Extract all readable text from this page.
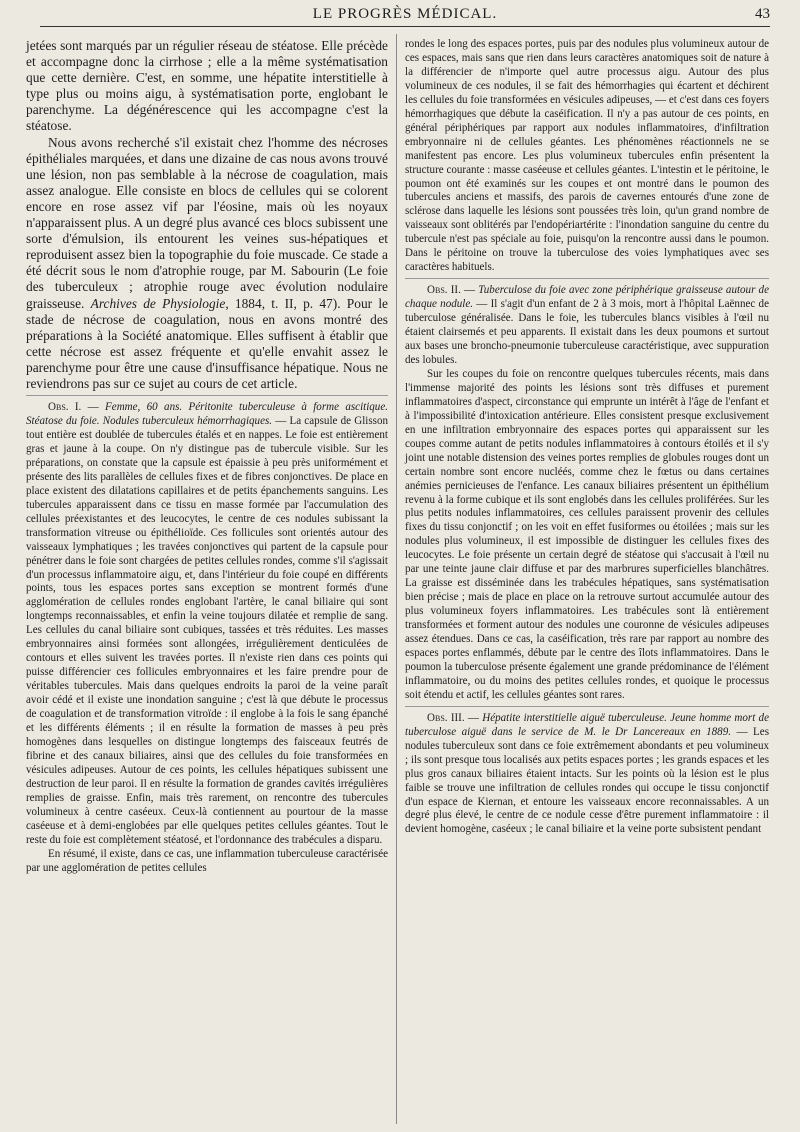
LE PROGRÈS MÉDICAL.	43

jetées sont marqués par un régulier réseau de stéatose. Elle précède et accompagne donc la cirrhose ; elle a la même systématisation que cette dernière. C'est, en somme, une hépatite interstitielle à type plus ou moins aigu, à systématisation porte, englobant le parenchyme. La dégénérescence qui les accompagne c'est la stéatose.

Nous avons recherché s'il existait chez l'homme des nécroses épithéliales marquées, et dans une dizaine de cas nous avons trouvé une lésion, non pas semblable à la nécrose de coagulation, mais assez analogue. Elle consiste en blocs de cellules qui se colorent encore en rose assez vif par l'éosine, mais où les noyaux n'apparaissent plus. A un degré plus avancé ces blocs subissent une sorte d'émulsion, ils entourent les veines sus-hépatiques et reproduisent assez bien la topographie du foie muscade. Ce stade a été décrit sous le nom d'atrophie rouge, par M. Sabourin (Le foie des tuberculeux ; atrophie rouge avec évolution nodulaire graisseuse. Archives de Physiologie, 1884, t. II, p. 47). Pour le stade de nécrose de coagulation, nous en avons montré des préparations à la Société anatomique. Elles suffisent à établir que cette nécrose est assez fréquente et qu'elle envahit assez le parenchyme pour être une cause d'insuffisance hépatique. Nous ne reviendrons pas sur ce sujet au cours de cet article.

Obs. I. — Femme, 60 ans. Péritonite tuberculeuse à forme ascitique. Stéatose du foie. Nodules tuberculeux hémorrhagiques. — La capsule de Glisson tout entière est doublée de tubercules étalés et en nappes. Le foie est entièrement gras et jaune à la coupe. On n'y distingue pas de tubercule visible. Sur les préparations, on constate que la capsule est épaissie à peu près uniformément et présente des lits parallèles de cellules fixes et de fibres conjonctives. De place en place existent des dilatations capillaires et de petits épanchements sanguins. Les tubercules apparaissent dans ce tissu en masse formée par l'accumulation des cellules préexistantes et des leucocytes, le centre de ces nodules subissant la transformation vitreuse ou épithélioïde. Ces follicules sont orientés autour des vaisseaux lymphatiques ; les travées conjonctives qui partent de la capsule pour pénétrer dans le foie sont chargées de petites cellules rondes, comme s'il s'agissait d'un processus inflammatoire aigu, et, dans l'intérieur du foie coupé en différents points, tous les espaces portes sans exception se montrent formés d'une agglomération de cellules rondes englobant l'artère, le canal biliaire qui sont longtemps reconnaissables, et enfin la veine toujours dilatée et remplie de sang. Les cellules du canal biliaire sont cubiques, tassées et très réduites. Les masses embryonnaires ainsi formées sont allongées, irrégulièrement denticulées de contours et elles suivent les travées portes. Il n'existe rien dans ces points qui puisse différencier ces follicules embryonnaires et les faire prendre pour de véritables tubercules. Mais dans quelques endroits la paroi de la veine paraît avoir cédé et il existe une inondation sanguine ; c'est là que débute le processus de coagulation et de transformation vitroïde : il englobe à la fois le sang épanché et les différents éléments ; il en résulte la formation de masses à peu près homogènes dans lesquelles on distingue longtemps des faisceaux feutrés de fibrine et des canaux biliaires, ainsi que des cellules du foie transformées en vésicules adipeuses. Autour de ces points, les cellules hépatiques subissent une destruction de leur paroi. Il en résulte la formation de grandes cavités irrégulières remplies de graisse. Enfin, mais très rarement, on rencontre des tubercules volumineux à centre caséeux. Ceux-là contiennent au pourtour de la masse caséeuse et à demi-englobées par elle quelques petites cellules géantes. Tout le reste du foie est complètement stéatosé, et l'ordonnance des trabécules a disparu.

En résumé, il existe, dans ce cas, une inflammation tuberculeuse caractérisée par une agglomération de petites cellules

rondes le long des espaces portes, puis par des nodules plus volumineux autour de ces espaces, mais sans que rien dans leurs caractères anatomiques soit de nature à la différencier de n'importe quel autre processus aigu. Autour des plus volumineux de ces nodules, il se fait des hémorrhagies qui écartent et déchirent les cellules du foie transformées en vésicules adipeuses, — et c'est dans ces foyers hémorrhagiques que débute la caséification. Il n'y a pas autour de ces points, en général périphériques par rapport aux nodules inflammatoires, d'infiltration embryonnaire ni de cellules géantes. Les phénomènes réactionnels ne se manifestent pas encore. Les plus volumineux tubercules enfin présentent la structure courante : masse caséeuse et cellules géantes. L'intestin et le péritoine, le poumon ont été examinés sur les coupes et ont montré dans le poumon des tubercules anciens et massifs, des parois de cavernes entourés d'une zone de sclérose dans laquelle les lésions sont poussées très loin, qu'un grand nombre de vaisseaux sont oblitérés par l'endopériartérite : l'inondation sanguine du centre du tubercule n'est pas spéciale au foie, puisqu'on la rencontre aussi dans le poumon. Dans le péritoine on trouve la tuberculose des voies lymphatiques avec ses caractères habituels.

Obs. II. — Tuberculose du foie avec zone périphérique graisseuse autour de chaque nodule. — Il s'agit d'un enfant de 2 à 3 mois, mort à l'hôpital Laënnec de tuberculose généralisée. Dans le foie, les tubercules blancs visibles à l'œil nu étaient clairsemés et peu apparents. Il existait dans les deux poumons et surtout aux bases une broncho-pneumonie tuberculeuse caractéristique, avec suppuration des lobules.

Sur les coupes du foie on rencontre quelques tubercules récents, mais dans l'immense majorité des points les lésions sont très diffuses et purement inflammatoires d'aspect, circonstance qui emprunte un intérêt à l'âge de l'enfant et à l'impossibilité d'intoxication antérieure. Elles consistent presque exclusivement en une infiltration embryonnaire des espaces portes qui apparaissent sur les coupes comme autant de petits nodules inflammatoires à contours étoilés et il s'y joint une notable distension des veines portes remplies de globules rouges dont un certain nombre sont encore nucléés, comme chez le fœtus ou dans certaines anémies pernicieuses de l'enfance. Les canaux biliaires présentent un épithélium revenu à la forme cubique et ils sont englobés dans les cellules proliférées. Sur les plus petits nodules inflammatoires, ces cellules paraissent provenir des cellules fixes du tissu conjonctif ; on les voit en effet fusiformes ou étoilées ; mais sur les nodules plus volumineux, il est impossible de distinguer les cellules fixes des leucocytes. Le foie présente un certain degré de stéatose qui s'accusait à l'œil nu par une teinte jaune clair diffuse et par des marbrures superficielles blanchâtres. La graisse est disséminée dans les trabécules hépatiques, sans systématisation bien précise ; mais de place en place on la retrouve surtout accumulée autour des plus volumineux foyers inflammatoires. Les trabécules sont là entièrement transformées et forment autour des nodules une couronne de vésicules adipeuses assez étendues. Dans ce cas, la caséification, très rare par rapport au nombre des espaces portes enflammés, débute par le centre des îlots inflammatoires. Dans le poumon la tuberculose présente également une grande prédominance de l'élément inflammatoire, ou du moins des petites cellules rondes, et quoique le processus soit étendu et actif, les cellules géantes sont rares.

Obs. III. — Hépatite interstitielle aiguë tuberculeuse. Jeune homme mort de tuberculose aiguë dans le service de M. le Dr Lancereaux en 1889. — Les nodules tuberculeux sont dans ce foie extrêmement abondants et peu volumineux ; ils sont presque tous localisés aux petits espaces portes ; les grands espaces et les plus gros canaux biliaires étaient intacts. Sur les points où la lésion est le plus faible se trouve une infiltration de cellules rondes qui occupe le tissu conjonctif d'un espace de Kiernan, et entoure les vaisseaux encore reconnaissables. A un degré plus élevé, le centre de ce nodule cesse d'être purement inflammatoire : il devient homogène, caséeux ; le canal biliaire et la veine porte subsistent pendant
